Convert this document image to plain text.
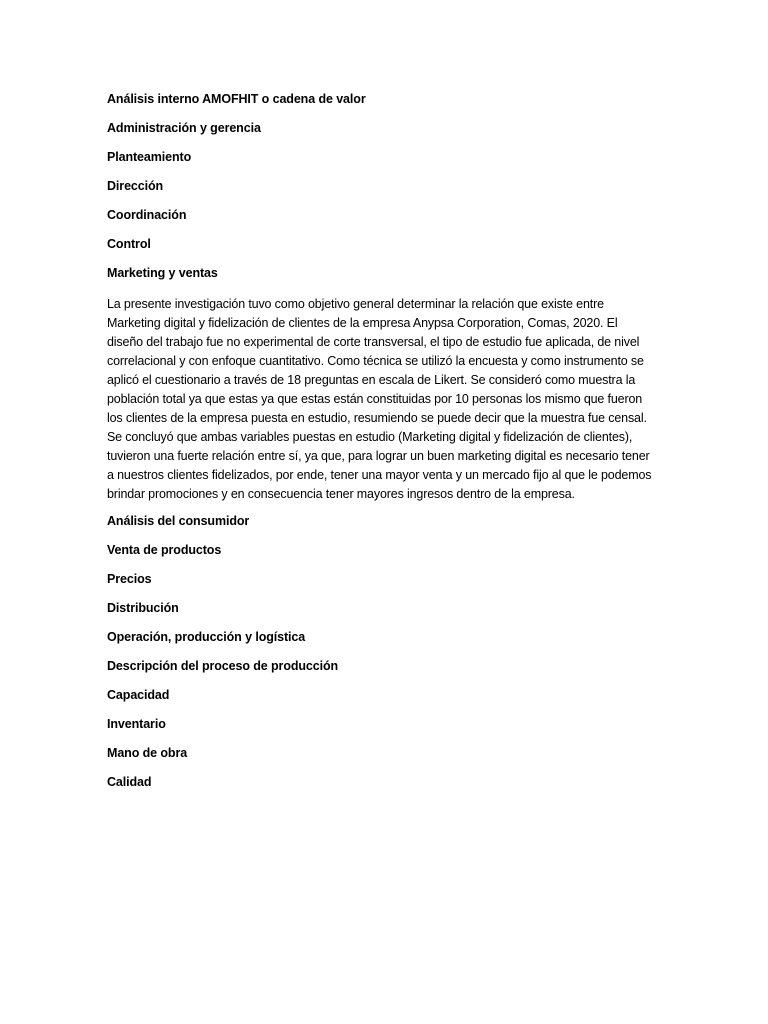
Análisis interno AMOFHIT o cadena de valor

Administración y gerencia

Planteamiento

Dirección

Coordinación

Control

Marketing y ventas

La presente investigación tuvo como objetivo general determinar la relación que existe entre Marketing digital y fidelización de clientes de la empresa Anypsa Corporation, Comas, 2020. El diseño del trabajo fue no experimental de corte transversal, el tipo de estudio fue aplicada, de nivel correlacional y con enfoque cuantitativo. Como técnica se utilizó la encuesta y como instrumento se aplicó el cuestionario a través de 18 preguntas en escala de Likert. Se consideró como muestra la población total ya que estas ya que estas están constituidas por 10 personas los mismo que fueron los clientes de la empresa puesta en estudio, resumiendo se puede decir que la muestra fue censal. Se concluyó que ambas variables puestas en estudio (Marketing digital y fidelización de clientes), tuvieron una fuerte relación entre sí, ya que, para lograr un buen marketing digital es necesario tener a nuestros clientes fidelizados, por ende, tener una mayor venta y un mercado fijo al que le podemos brindar promociones y en consecuencia tener mayores ingresos dentro de la empresa.

Análisis del consumidor

Venta de productos

Precios

Distribución

Operación, producción y logística

Descripción del proceso de producción

Capacidad

Inventario

Mano de obra

Calidad
